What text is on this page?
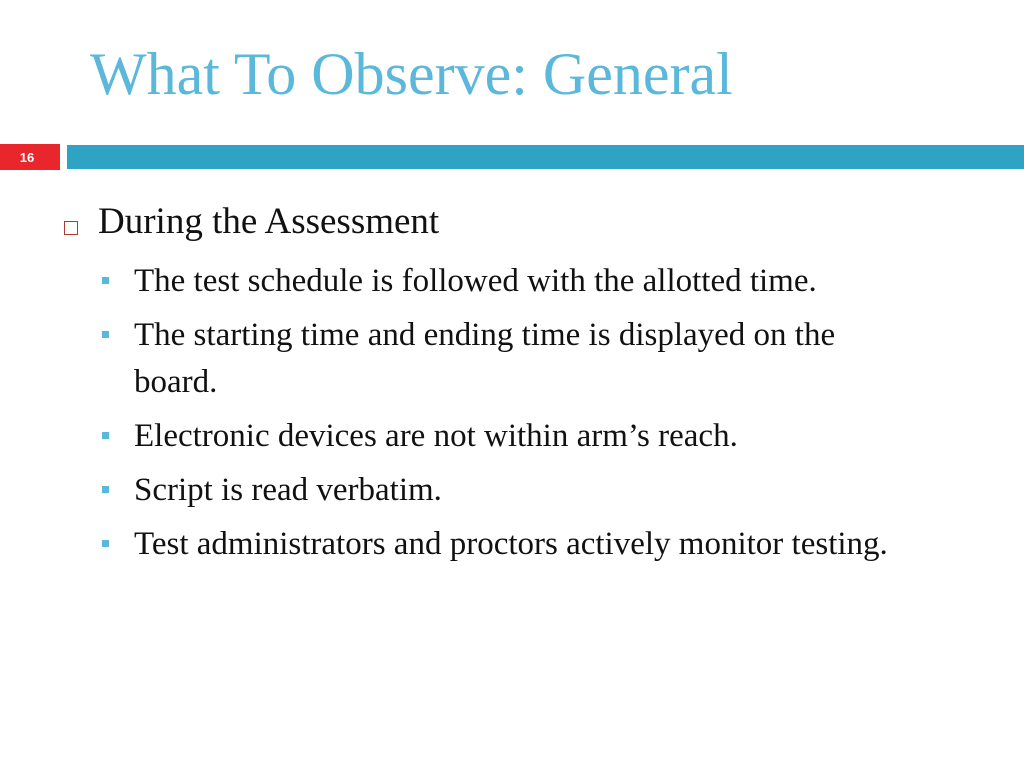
What To Observe: General
16
During the Assessment
The test schedule is followed with the allotted time.
The starting time and ending time is displayed on the board.
Electronic devices are not within arm’s reach.
Script is read verbatim.
Test administrators and proctors actively monitor testing.
